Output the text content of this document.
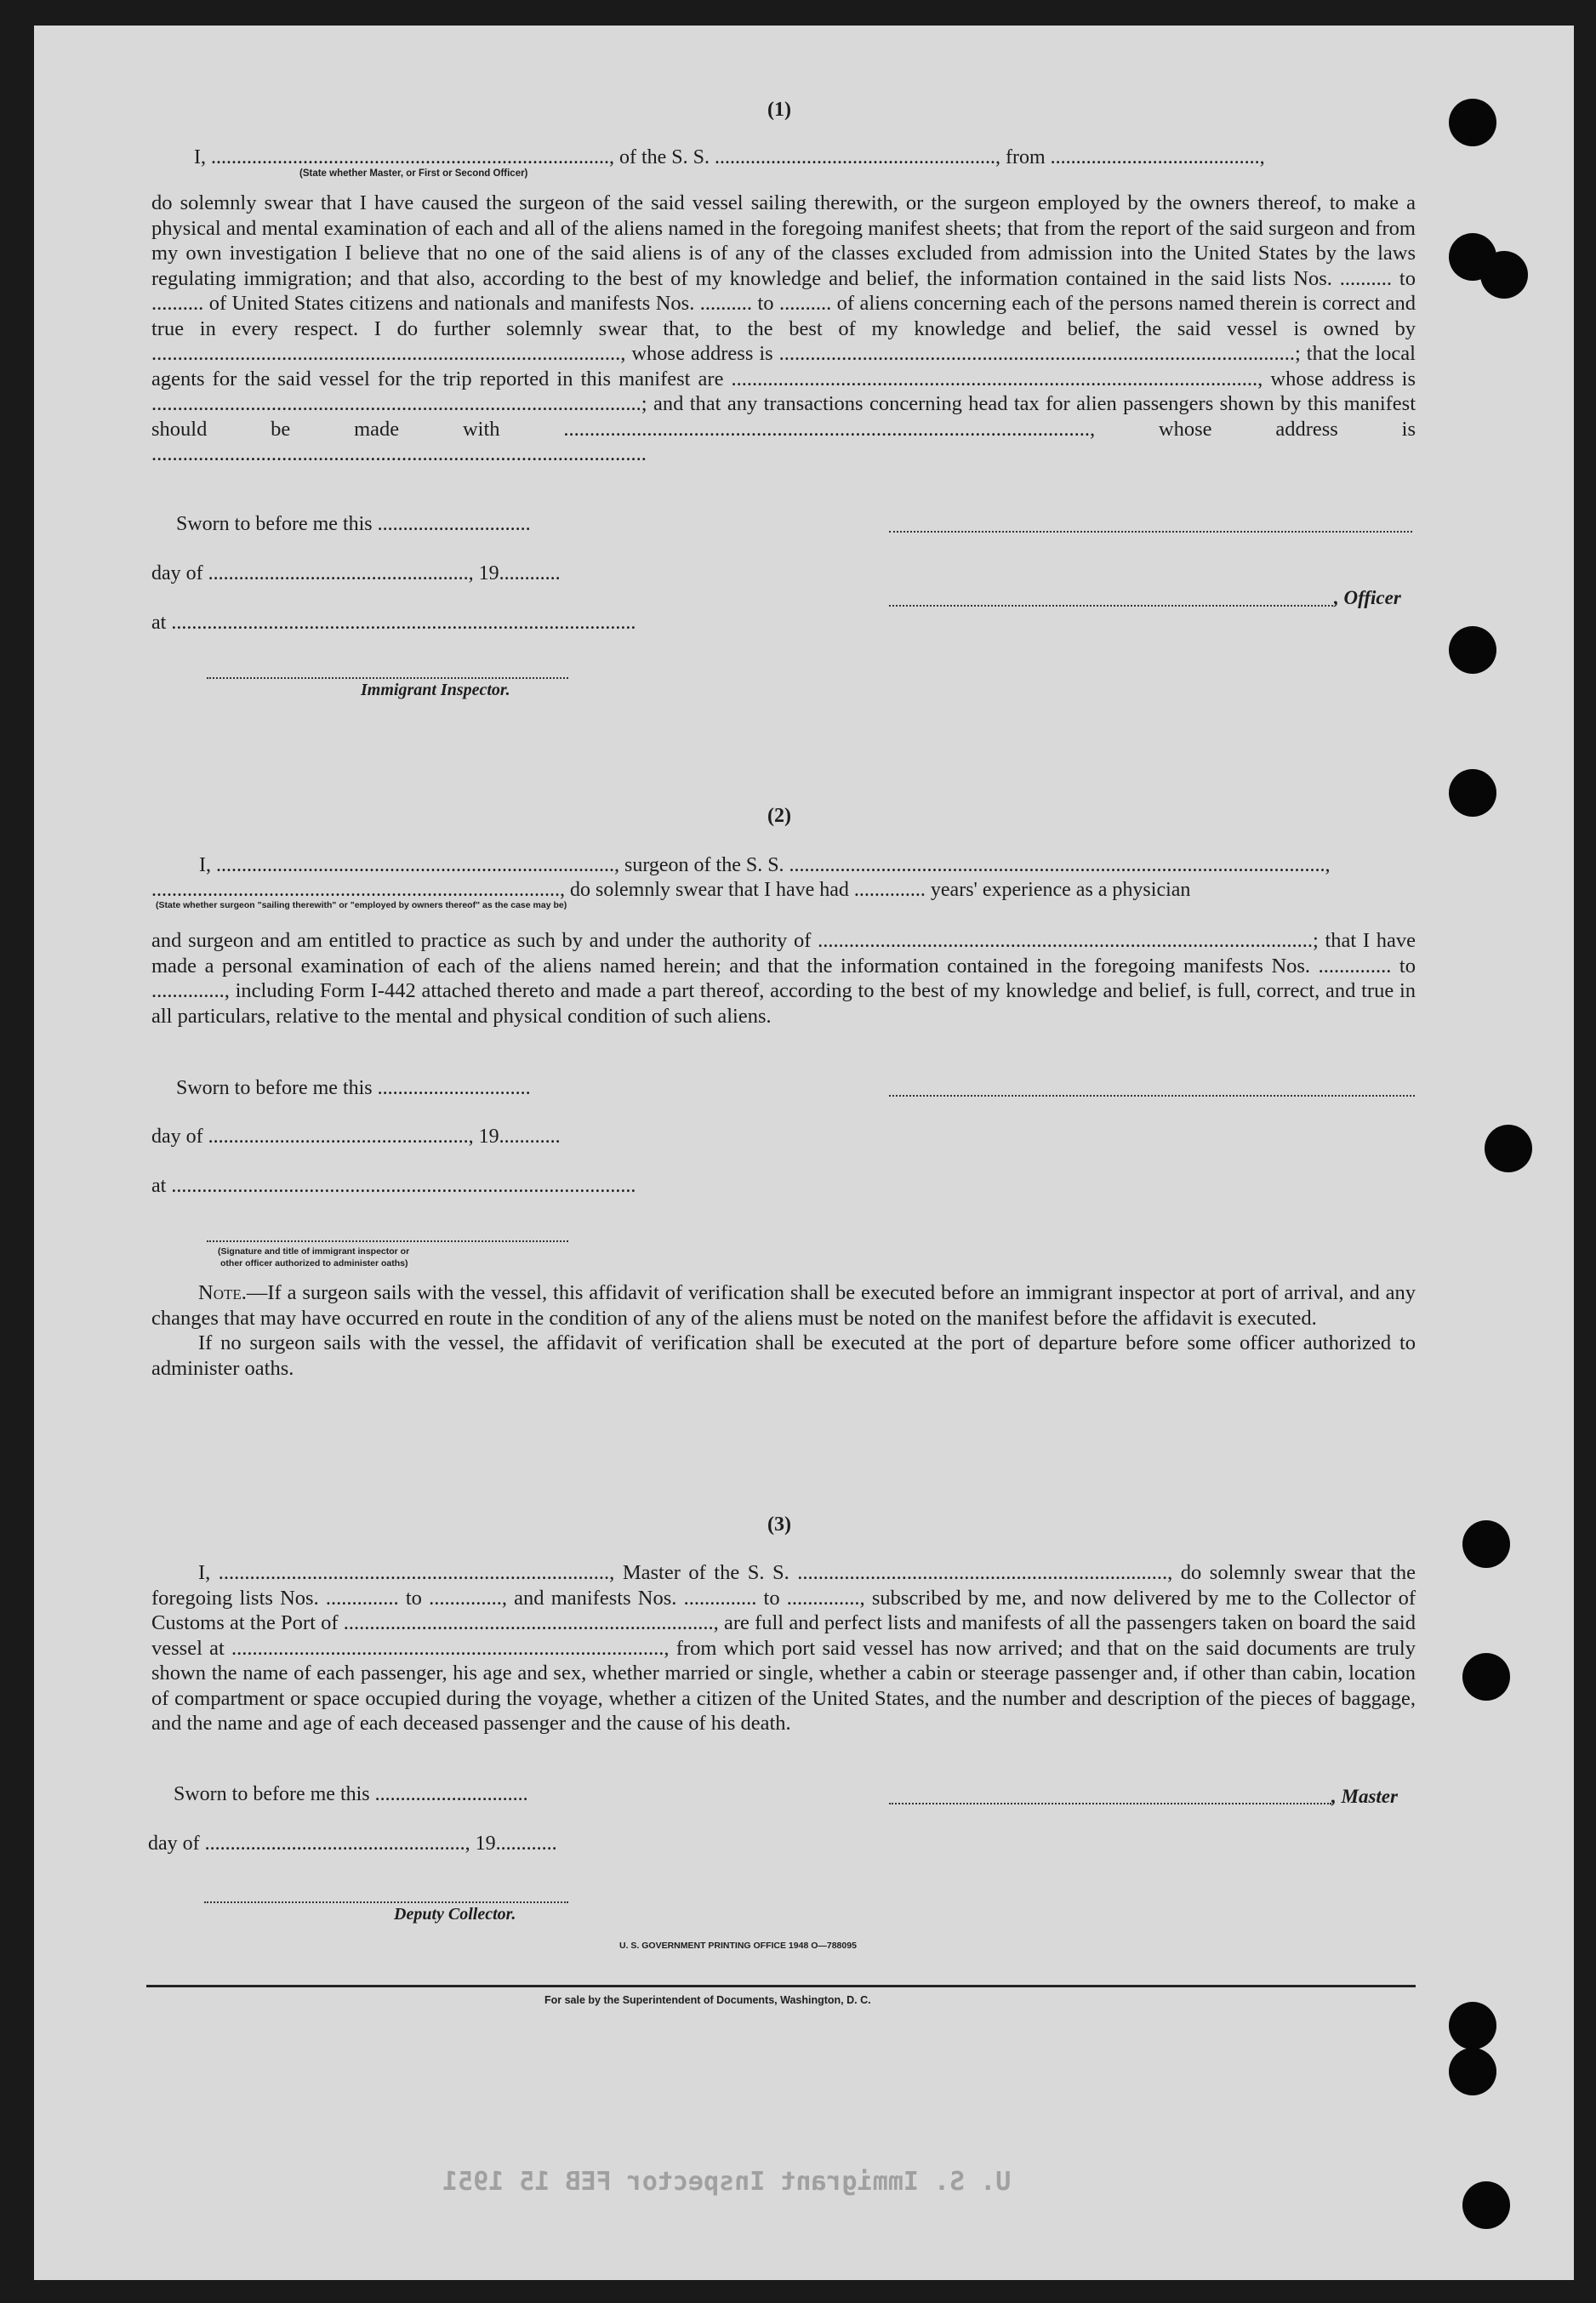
(1)
I, .............................................................................., of the S. S. ......................................................., from .........................................,
(State whether Master, or First or Second Officer)

do solemnly swear that I have caused the surgeon of the said vessel sailing therewith, or the surgeon employed by the owners thereof, to make a physical and mental examination of each and all of the aliens named in the foregoing manifest sheets; that from the report of the said surgeon and from my own investigation I believe that no one of the said aliens is of any of the classes excluded from admission into the United States by the laws regulating immigration; and that also, according to the best of my knowledge and belief, the information contained in the said lists Nos. .......... to .......... of United States citizens and nationals and manifests Nos. .......... to .......... of aliens concerning each of the persons named therein is correct and true in every respect. I do further solemnly swear that, to the best of my knowledge and belief, the said vessel is owned by .........................................................................................., whose address is ...................................................................................................; that the local agents for the said vessel for the trip reported in this manifest are ....................................................................................................., whose address is ..............................................................................................; and that any transactions concerning head tax for alien passengers shown by this manifest should be made with ....................................................................................................., whose address is ...............................................................................................

Sworn to before me this ..............................
day of ..................................................., 19............
at ...........................................................................................
Immigrant Inspector.
, Officer
(2)
I, .............................................................................., surgeon of the S. S. .........................................................................................................,
................................................................................, do solemnly swear that I have had .............. years' experience as a physician
(State whether surgeon "sailing therewith" or "employed by owners thereof" as the case may be)

and surgeon and am entitled to practice as such by and under the authority of ...............................................................................................; that I have made a personal examination of each of the aliens named herein; and that the information contained in the foregoing manifests Nos. .............. to .............., including Form I-442 attached thereto and made a part thereof, according to the best of my knowledge and belief, is full, correct, and true in all particulars, relative to the mental and physical condition of such aliens.

Sworn to before me this ..............................
day of ..................................................., 19............
at ...........................................................................................
(Signature and title of immigrant inspector or
other officer authorized to administer oaths)

Note.—If a surgeon sails with the vessel, this affidavit of verification shall be executed before an immigrant inspector at port of arrival, and any changes that may have occurred en route in the condition of any of the aliens must be noted on the manifest before the affidavit is executed.

If no surgeon sails with the vessel, the affidavit of verification shall be executed at the port of departure before some officer authorized to administer oaths.

(3)

I, ..........................................................................., Master of the S. S. ......................................................................., do solemnly swear that the foregoing lists Nos. .............. to .............., and manifests Nos. .............. to .............., subscribed by me, and now delivered by me to the Collector of Customs at the Port of ......................................................................., are full and perfect lists and manifests of all the passengers taken on board the said vessel at ..................................................................................., from which port said vessel has now arrived; and that on the said documents are truly shown the name of each passenger, his age and sex, whether married or single, whether a cabin or steerage passenger and, if other than cabin, location of compartment or space occupied during the voyage, whether a citizen of the United States, and the number and description of the pieces of baggage, and the name and age of each deceased passenger and the cause of his death.

Sworn to before me this ..............................
day of ..................................................., 19............
, Master
Deputy Collector.
U. S. GOVERNMENT PRINTING OFFICE 1948 O—788095
For sale by the Superintendent of Documents, Washington, D. C.
U. S. Immigrant Inspector FEB 15 1951
